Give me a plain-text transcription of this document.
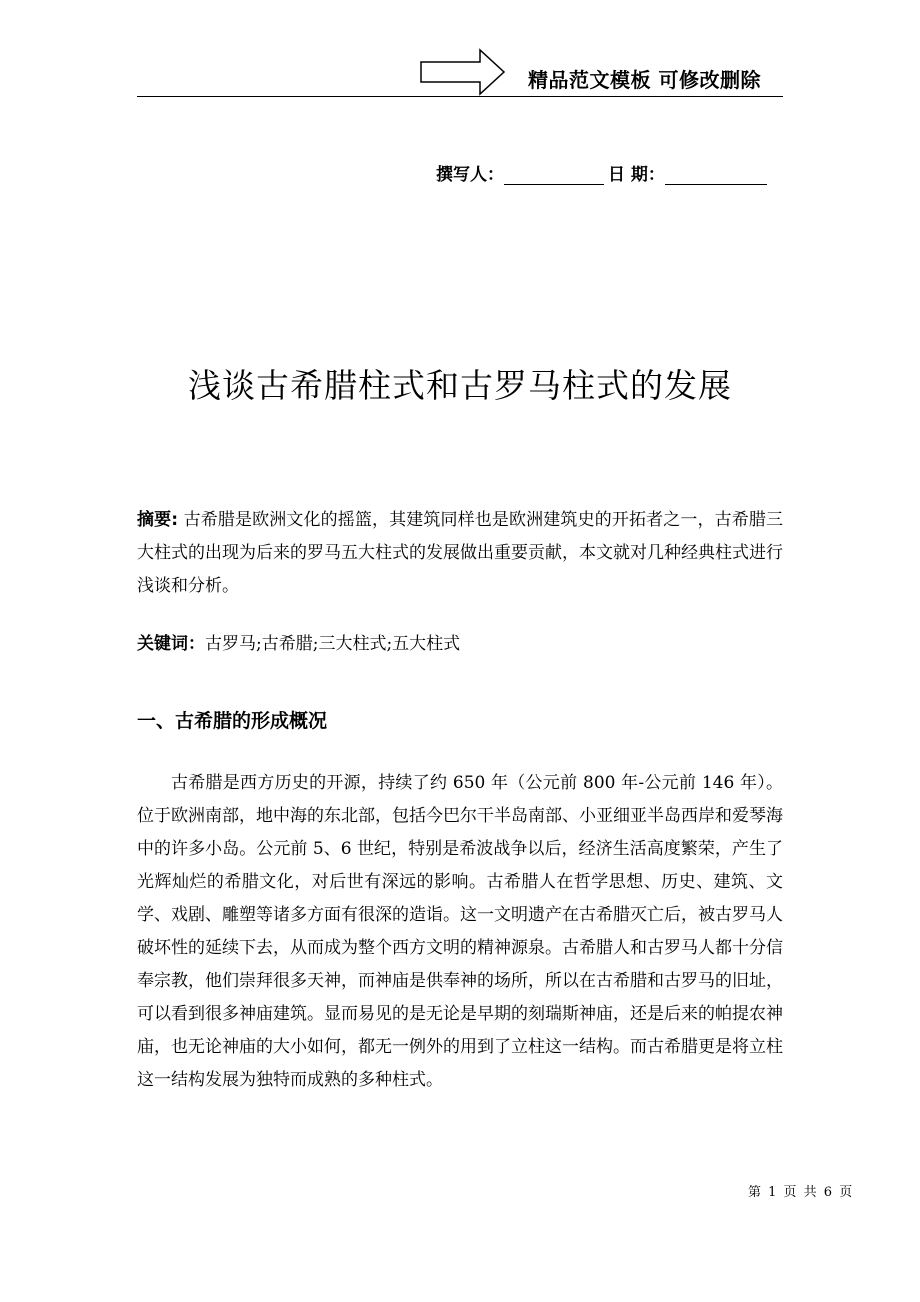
精品范文模板 可修改删除
撰写人：	日 期：
浅谈古希腊柱式和古罗马柱式的发展

摘要: 古希腊是欧洲文化的摇篮，其建筑同样也是欧洲建筑史的开拓者之一，古希腊三大柱式的出现为后来的罗马五大柱式的发展做出重要贡献，本文就对几种经典柱式进行浅谈和分析。

关键词：古罗马;古希腊;三大柱式;五大柱式

一、古希腊的形成概况

古希腊是西方历史的开源，持续了约 650 年（公元前 800 年-公元前 146 年）。位于欧洲南部，地中海的东北部，包括今巴尔干半岛南部、小亚细亚半岛西岸和爱琴海中的许多小岛。公元前 5、6 世纪，特别是希波战争以后，经济生活高度繁荣，产生了光辉灿烂的希腊文化，对后世有深远的影响。古希腊人在哲学思想、历史、建筑、文学、戏剧、雕塑等诸多方面有很深的造诣。这一文明遗产在古希腊灭亡后，被古罗马人破坏性的延续下去，从而成为整个西方文明的精神源泉。古希腊人和古罗马人都十分信奉宗教，他们崇拜很多天神，而神庙是供奉神的场所，所以在古希腊和古罗马的旧址，可以看到很多神庙建筑。显而易见的是无论是早期的刻瑞斯神庙，还是后来的帕提农神庙，也无论神庙的大小如何，都无一例外的用到了立柱这一结构。而古希腊更是将立柱这一结构发展为独特而成熟的多种柱式。

第 1 页 共 6 页
